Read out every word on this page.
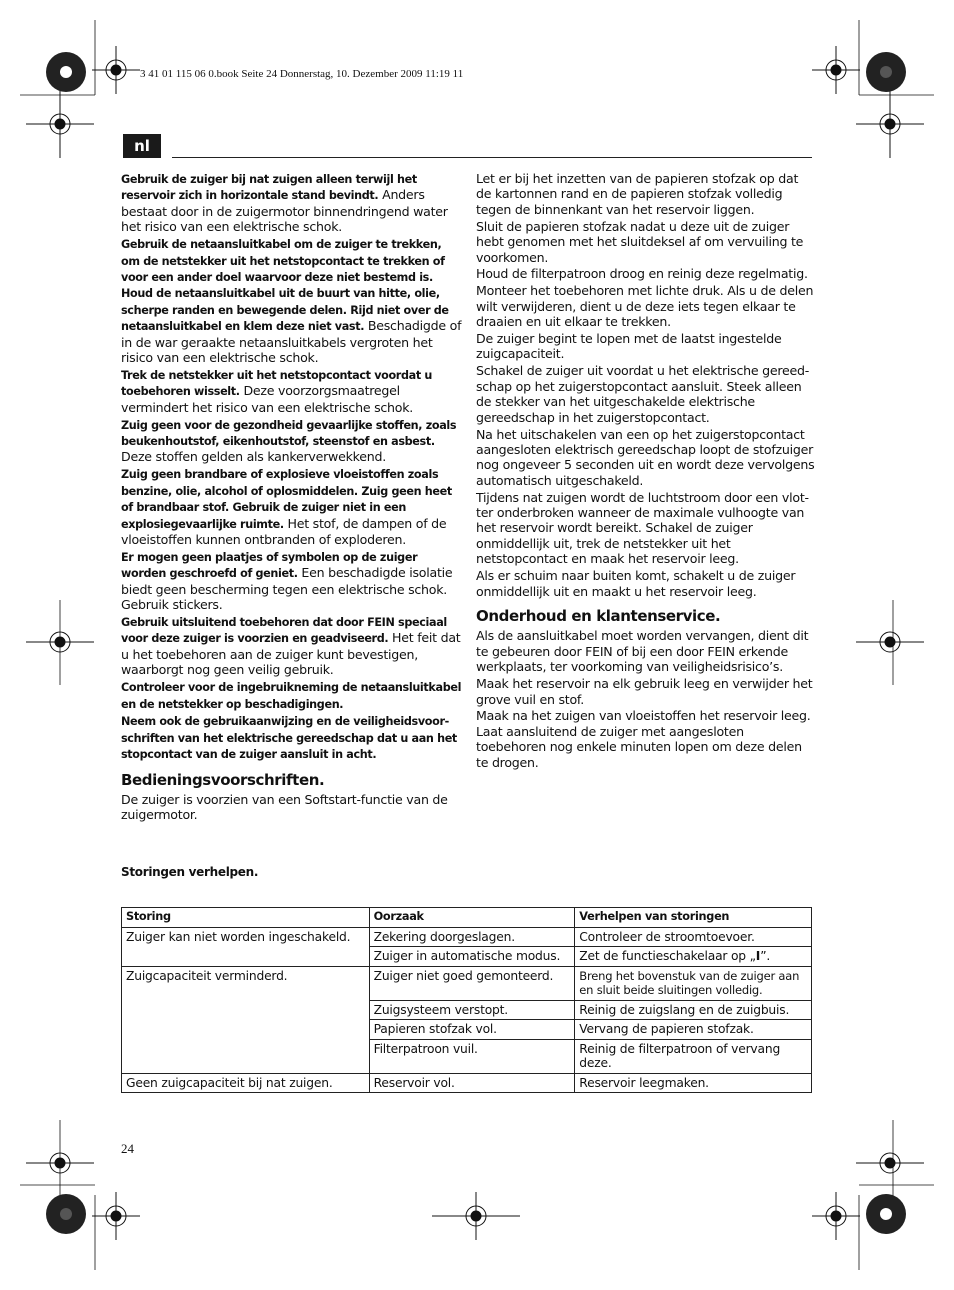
3 41 01 115 06 0.book Seite 24 Donnerstag, 10. Dezember 2009 11:19 11
nl

Gebruik de zuiger bij nat zuigen alleen terwijl het reservoir zich in horizontale stand bevindt. Anders bestaat door in de zuigermotor binnendringend water het risico van een elektrische schok.

Gebruik de netaansluitkabel om de zuiger te trekken, om de netstekker uit het netstopcontact te trekken of voor een ander doel waarvoor deze niet bestemd is. Houd de netaansluitkabel uit de buurt van hitte, olie, scherpe randen en bewegende delen. Rijd niet over de netaansluitkabel en klem deze niet vast. Beschadigde of in de war geraakte netaansluitkabels vergroten het risico van een elektrische schok.

Trek de netstekker uit het netstopcontact voordat u toebehoren wisselt. Deze voorzorgsmaatregel vermindert het risico van een elektrische schok.

Zuig geen voor de gezondheid gevaarlijke stoffen, zoals beukenhoutstof, eikenhoutstof, steenstof en asbest. Deze stoffen gelden als kankerverwekkend.

Zuig geen brandbare of explosieve vloeistoffen zoals benzine, olie, alcohol of oplosmiddelen. Zuig geen heet of brandbaar stof. Gebruik de zuiger niet in een explosiegevaarlijke ruimte. Het stof, de dampen of de vloeistoffen kunnen ontbranden of exploderen.

Er mogen geen plaatjes of symbolen op de zuiger worden geschroefd of geniet. Een beschadigde isolatie biedt geen bescherming tegen een elektrische schok. Gebruik stickers.

Gebruik uitsluitend toebehoren dat door FEIN speciaal voor deze zuiger is voorzien en geadviseerd. Het feit dat u het toebehoren aan de zuiger kunt bevestigen, waarborgt nog geen veilig gebruik.

Controleer voor de ingebruikneming de netaansluitkabel en de netstekker op beschadigingen.

Neem ook de gebruikaanwijzing en de veiligheidsvoorschriften van het elektrische gereedschap dat u aan het stopcontact van de zuiger aansluit in acht.

Bedieningsvoorschriften.

De zuiger is voorzien van een Softstart-functie van de zuigermotor.

Let er bij het inzetten van de papieren stofzak op dat de kartonnen rand en de papieren stofzak volledig tegen de binnenkant van het reservoir liggen.

Sluit de papieren stofzak nadat u deze uit de zuiger hebt genomen met het sluitdeksel af om vervuiling te voorkomen.

Houd de filterpatroon droog en reinig deze regelmatig.

Monteer het toebehoren met lichte druk. Als u de delen wilt verwijderen, dient u de deze iets tegen elkaar te draaien en uit elkaar te trekken.

De zuiger begint te lopen met de laatst ingestelde zuigcapaciteit.

Schakel de zuiger uit voordat u het elektrische gereedschap op het zuigerstopcontact aansluit. Steek alleen de stekker van het uitgeschakelde elektrische gereedschap in het zuigerstopcontact.

Na het uitschakelen van een op het zuigerstopcontact aangesloten elektrisch gereedschap loopt de stofzuiger nog ongeveer 5 seconden uit en wordt deze vervolgens automatisch uitgeschakeld.

Tijdens nat zuigen wordt de luchtstroom door een vlotter onderbroken wanneer de maximale vulhoogte van het reservoir wordt bereikt. Schakel de zuiger onmiddellijk uit, trek de netstekker uit het netstopcontact en maak het reservoir leeg.

Als er schuim naar buiten komt, schakelt u de zuiger onmiddellijk uit en maakt u het reservoir leeg.

Onderhoud en klantenservice.

Als de aansluitkabel moet worden vervangen, dient dit te gebeuren door FEIN of bij een door FEIN erkende werkplaats, ter voorkoming van veiligheidsrisico’s.

Maak het reservoir na elk gebruik leeg en verwijder het grove vuil en stof.

Maak na het zuigen van vloeistoffen het reservoir leeg. Laat aansluitend de zuiger met aangesloten toebehoren nog enkele minuten lopen om deze delen te drogen.

Storingen verhelpen.
Storing	Oorzaak	Verhelpen van storingen
Zuiger kan niet worden ingeschakeld.	Zekering doorgeslagen.	Controleer de stroomtoevoer.
	Zuiger in automatische modus.	Zet de functieschakelaar op „I”.
Zuigcapaciteit verminderd.	Zuiger niet goed gemonteerd.	Breng het bovenstuk van de zuiger aan en sluit beide sluitingen volledig.
	Zuigsysteem verstopt.	Reinig de zuigslang en de zuigbuis.
	Papieren stofzak vol.	Vervang de papieren stofzak.
	Filterpatroon vuil.	Reinig de filterpatroon of vervang deze.
Geen zuigcapaciteit bij nat zuigen.	Reservoir vol.	Reservoir leegmaken.
24
